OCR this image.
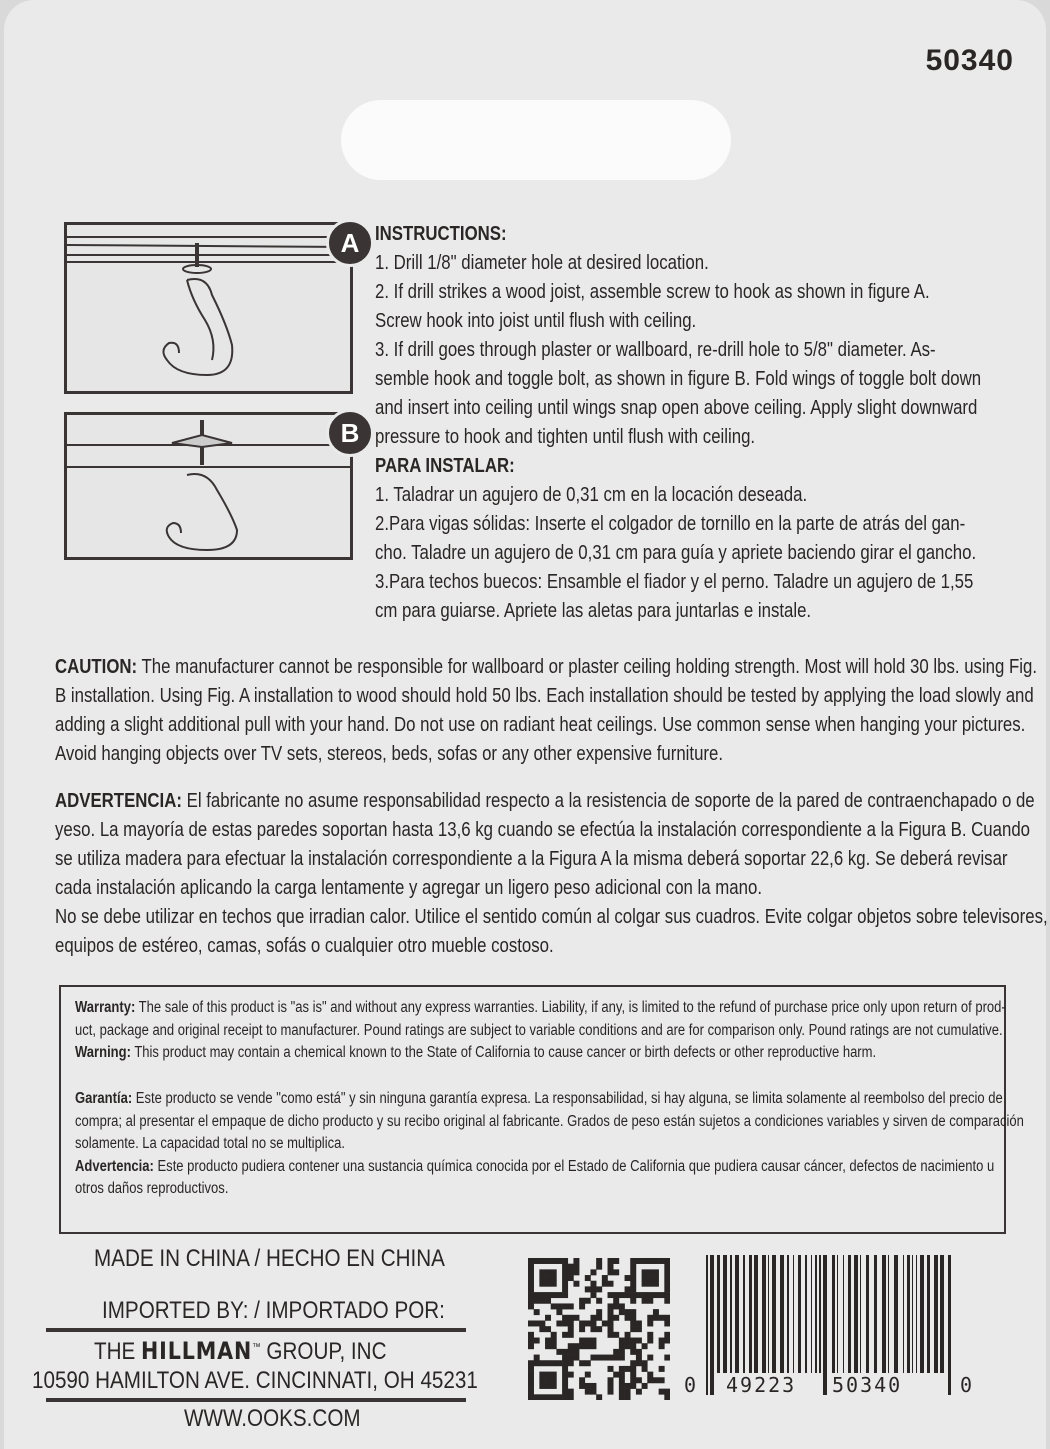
50340
A
B
INSTRUCTIONS:
1. Drill 1/8" diameter hole at desired location.
2. If drill strikes a wood joist, assemble screw to hook as shown in figure A.
Screw hook into joist until flush with ceiling.
3. If drill goes through plaster or wallboard, re-drill hole to 5/8" diameter. As-
semble hook and toggle bolt, as shown in figure B. Fold wings of toggle bolt down
and insert into ceiling until wings snap open above ceiling. Apply slight downward
pressure to hook and tighten until flush with ceiling.
PARA INSTALAR:
1. Taladrar un agujero de 0,31 cm en la locación deseada.
2.Para vigas sólidas: Inserte el colgador de tornillo en la parte de atrás del gan-
cho. Taladre un agujero de 0,31 cm para guía y apriete baciendo girar el gancho.
3.Para techos buecos: Ensamble el fiador y el perno. Taladre un agujero de 1,55
cm para guiarse. Apriete las aletas para juntarlas e instale.
CAUTION: The manufacturer cannot be responsible for wallboard or plaster ceiling holding strength. Most will hold 30 lbs. using Fig.
B installation. Using Fig. A installation to wood should hold 50 lbs. Each installation should be tested by applying the load slowly and
adding a slight additional pull with your hand. Do not use on radiant heat ceilings. Use common sense when hanging your pictures.
Avoid hanging objects over TV sets, stereos, beds, sofas or any other expensive furniture.
ADVERTENCIA: El fabricante no asume responsabilidad respecto a la resistencia de soporte de la pared de contraenchapado o de
yeso. La mayoría de estas paredes soportan hasta 13,6 kg cuando se efectúa la instalación correspondiente a la Figura B. Cuando
se utiliza madera para efectuar la instalación correspondiente a la Figura A la misma deberá soportar 22,6 kg. Se deberá revisar
cada instalación aplicando la carga lentamente y agregar un ligero peso adicional con la mano.
No se debe utilizar en techos que irradian calor. Utilice el sentido común al colgar sus cuadros. Evite colgar objetos sobre televisores,
equipos de estéreo, camas, sofás o cualquier otro mueble costoso.
Warranty: The sale of this product is "as is" and without any express warranties. Liability, if any, is limited to the refund of purchase price only upon return of prod-
uct, package and original receipt to manufacturer. Pound ratings are subject to variable conditions and are for comparison only. Pound ratings are not cumulative.
Warning: This product may contain a chemical known to the State of California to cause cancer or birth defects or other reproductive harm.
Garantía: Este producto se vende "como está" y sin ninguna garantía expresa. La responsabilidad, si hay alguna, se limita solamente al reembolso del precio de
compra; al presentar el empaque de dicho producto y su recibo original al fabricante. Grados de peso están sujetos a condiciones variables y sirven de comparación
solamente. La capacidad total no se multiplica.
Advertencia: Este producto pudiera contener una sustancia química conocida por el Estado de California que pudiera causar cáncer, defectos de nacimiento u
otros daños reproductivos.
MADE IN CHINA / HECHO EN CHINA
IMPORTED BY: / IMPORTADO POR:
THE HILLMAN™ GROUP, INC
10590 HAMILTON AVE. CINCINNATI, OH 45231
WWW.OOKS.COM
0 49223 50340	0
